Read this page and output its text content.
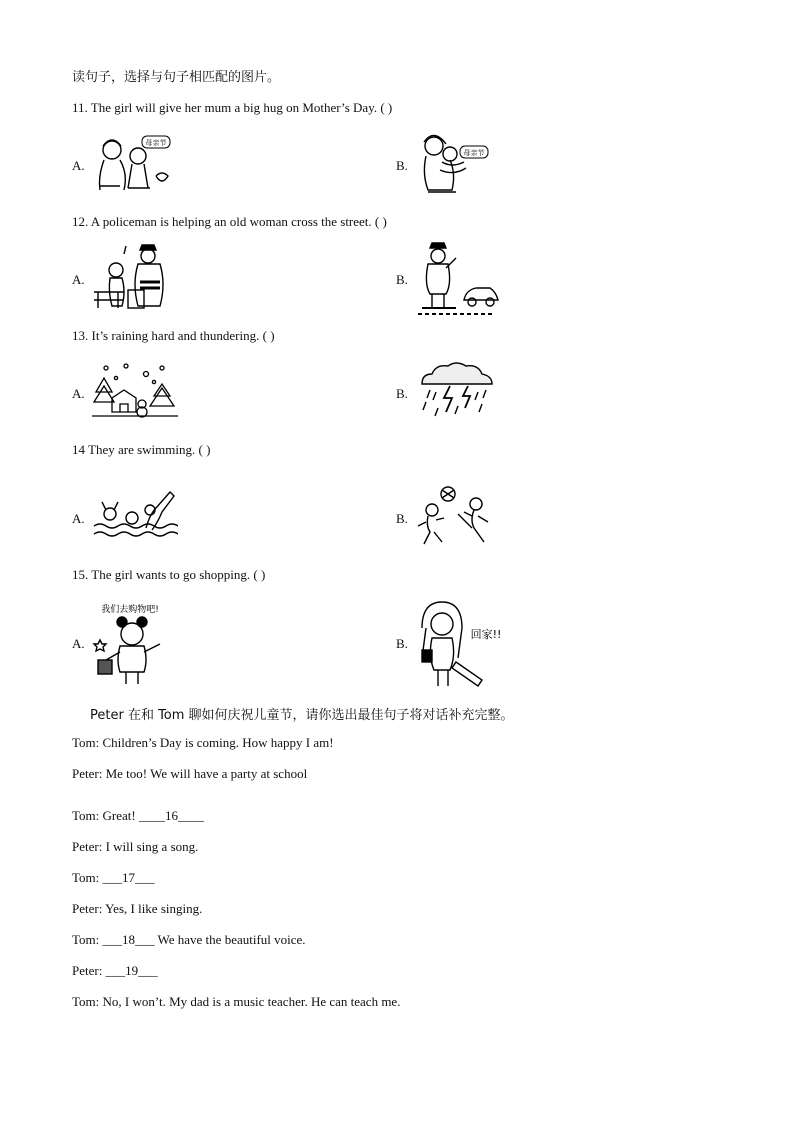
读句子，选择与句子相匹配的图片。
11. The girl will give her mum a big hug on Mother’s Day. ( )
A.
母亲节
B.
母亲节
12. A policeman is helping an old woman cross the street. ( )
A.	B.
13. It’s raining hard and thundering. ( )
A.	B.
14 They are swimming. ( )
A.	B.
15. The girl wants to go shopping. ( )
A.
我们去购物吧!
B.
回家!!
Peter 在和 Tom 聊如何庆祝儿童节，请你选出最佳句子将对话补充完整。
Tom: Children’s Day is coming. How happy I am!
Peter: Me too! We will have a party at school
Tom: Great! ____16____
Peter: I will sing a song.
Tom: ___17___
Peter: Yes, I like singing.
Tom: ___18___ We have the beautiful voice.
Peter: ___19___
Tom: No, I won’t. My dad is a music teacher. He can teach me.
